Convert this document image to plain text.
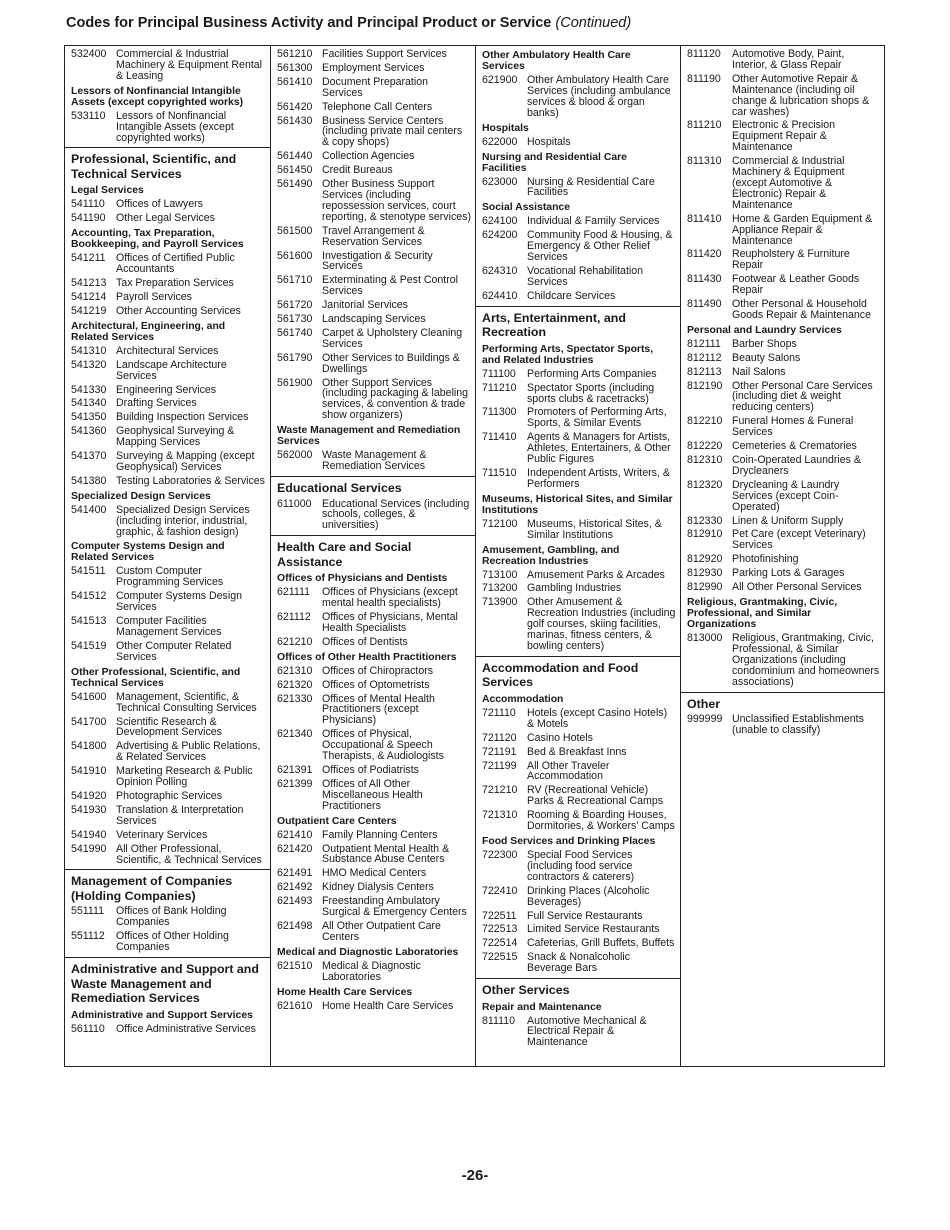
Codes for Principal Business Activity and Principal Product or Service (Continued)
532400 Commercial & Industrial Machinery & Equipment Rental & Leasing
Lessors of Nonfinancial Intangible Assets (except copyrighted works)
533110 Lessors of Nonfinancial Intangible Assets (except copyrighted works)
Professional, Scientific, and Technical Services
Legal Services
541110	Offices of Lawyers
541190 Other Legal Services
Accounting, Tax Preparation, Bookkeeping, and Payroll Services
541211 Offices of Certified Public Accountants
541213 Tax Preparation Services
541214 Payroll Services
541219 Other Accounting Services
Architectural, Engineering, and Related Services
541310 Architectural Services
541320 Landscape Architecture Services
541330 Engineering Services
541340 Drafting Services
541350 Building Inspection Services
541360 Geophysical Surveying & Mapping Services
541370 Surveying & Mapping (except Geophysical) Services
541380 Testing Laboratories & Services
Specialized Design Services
541400 Specialized Design Services (including interior, industrial, graphic, & fashion design)
Computer Systems Design and Related Services
541511 Custom Computer Programming Services
541512 Computer Systems Design Services
541513 Computer Facilities Management Services
541519 Other Computer Related Services
Other Professional, Scientific, and Technical Services
541600 Management, Scientific, & Technical Consulting Services
541700 Scientific Research & Development Services
541800 Advertising & Public Relations, & Related Services
541910 Marketing Research & Public Opinion Polling
541920 Photographic Services
541930 Translation & Interpretation Services
541940 Veterinary Services
541990 All Other Professional, Scientific, & Technical Services
Management of Companies (Holding Companies)
551111	Offices of Bank Holding Companies
551112	Offices of Other Holding Companies
Administrative and Support and Waste Management and Remediation Services
Administrative and Support Services
561110	Office Administrative Services
561210 Facilities Support Services
561300 Employment Services
561410 Document Preparation Services
561420 Telephone Call Centers
561430 Business Service Centers (including private mail centers & copy shops)
561440 Collection Agencies
561450 Credit Bureaus
561490 Other Business Support Services (including repossession services, court reporting, & stenotype services)
561500 Travel Arrangement & Reservation Services
561600 Investigation & Security Services
561710 Exterminating & Pest Control Services
561720 Janitorial Services
561730 Landscaping Services
561740 Carpet & Upholstery Cleaning Services
561790 Other Services to Buildings & Dwellings
561900 Other Support Services (including packaging & labeling services, & convention & trade show organizers)
Waste Management and Remediation Services
562000 Waste Management & Remediation Services
Educational Services
611000 Educational Services (including schools, colleges, & universities)
Health Care and Social Assistance
Offices of Physicians and Dentists
621111	Offices of Physicians (except mental health specialists)
621112	Offices of Physicians, Mental Health Specialists
621210 Offices of Dentists
Offices of Other Health Practitioners
621310 Offices of Chiropractors
621320 Offices of Optometrists
621330 Offices of Mental Health Practitioners (except Physicians)
621340 Offices of Physical, Occupational & Speech Therapists, & Audiologists
621391 Offices of Podiatrists
621399 Offices of All Other Miscellaneous Health Practitioners
Outpatient Care Centers
621410 Family Planning Centers
621420 Outpatient Mental Health & Substance Abuse Centers
621491 HMO Medical Centers
621492 Kidney Dialysis Centers
621493 Freestanding Ambulatory Surgical & Emergency Centers
621498 All Other Outpatient Care Centers
Medical and Diagnostic Laboratories
621510 Medical & Diagnostic Laboratories
Home Health Care Services
621610 Home Health Care Services
Other Ambulatory Health Care Services
621900 Other Ambulatory Health Care Services (including ambulance services & blood & organ banks)
Hospitals
622000 Hospitals
Nursing and Residential Care Facilities
623000 Nursing & Residential Care Facilities
Social Assistance
624100 Individual & Family Services
624200 Community Food & Housing, & Emergency & Other Relief Services
624310 Vocational Rehabilitation Services
624410 Childcare Services
Arts, Entertainment, and Recreation
Performing Arts, Spectator Sports, and Related Industries
711100	Performing Arts Companies
711210 Spectator Sports (including sports clubs & racetracks)
711300 Promoters of Performing Arts, Sports, & Similar Events
711410 Agents & Managers for Artists, Athletes, Entertainers, & Other Public Figures
711510 Independent Artists, Writers, & Performers
Museums, Historical Sites, and Similar Institutions
712100 Museums, Historical Sites, & Similar Institutions
Amusement, Gambling, and Recreation Industries
713100 Amusement Parks & Arcades
713200 Gambling Industries
713900 Other Amusement & Recreation Industries (including golf courses, skiing facilities, marinas, fitness centers, & bowling centers)
Accommodation and Food Services
Accommodation
721110	Hotels (except Casino Hotels) & Motels
721120 Casino Hotels
721191 Bed & Breakfast Inns
721199 All Other Traveler Accommodation
721210 RV (Recreational Vehicle) Parks & Recreational Camps
721310 Rooming & Boarding Houses, Dormitories, & Workers’ Camps
Food Services and Drinking Places
722300 Special Food Services (including food service contractors & caterers)
722410 Drinking Places (Alcoholic Beverages)
722511 Full Service Restaurants
722513 Limited Service Restaurants
722514 Cafeterias, Grill Buffets, Buffets
722515 Snack & Nonalcoholic Beverage Bars
Other Services
Repair and Maintenance
811110	Automotive Mechanical & Electrical Repair & Maintenance
811120	Automotive Body, Paint, Interior, & Glass Repair
811190	Other Automotive Repair & Maintenance (including oil change & lubrication shops & car washes)
811210 Electronic & Precision Equipment Repair & Maintenance
811310 Commercial & Industrial Machinery & Equipment (except Automotive & Electronic) Repair & Maintenance
811410 Home & Garden Equipment & Appliance Repair & Maintenance
811420 Reupholstery & Furniture Repair
811430 Footwear & Leather Goods Repair
811490 Other Personal & Household Goods Repair & Maintenance
Personal and Laundry Services
812111	Barber Shops
812112 Beauty Salons
812113 Nail Salons
812190 Other Personal Care Services (including diet & weight reducing centers)
812210 Funeral Homes & Funeral Services
812220 Cemeteries & Crematories
812310 Coin-Operated Laundries & Drycleaners
812320 Drycleaning & Laundry Services (except Coin-Operated)
812330 Linen & Uniform Supply
812910 Pet Care (except Veterinary) Services
812920 Photofinishing
812930 Parking Lots & Garages
812990 All Other Personal Services
Religious, Grantmaking, Civic, Professional, and Similar Organizations
813000 Religious, Grantmaking, Civic, Professional, & Similar Organizations (including condominium and homeowners associations)
Other
999999 Unclassified Establishments (unable to classify)
-26-
